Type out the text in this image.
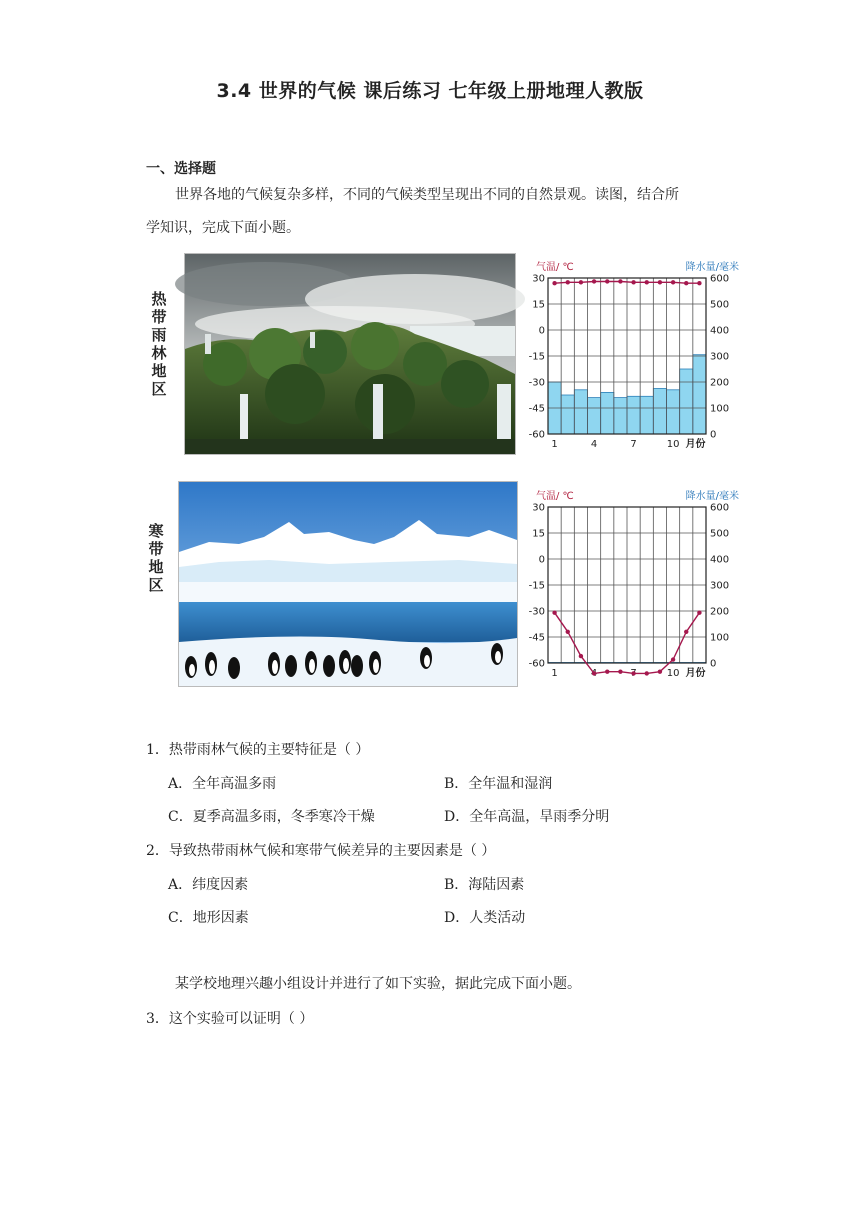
3.4 世界的气候 课后练习 七年级上册地理人教版
一、选择题
世界各地的气候复杂多样，不同的气候类型呈现出不同的自然景观。读图，结合所
学知识，完成下面小题。
热
带
雨
林
地
区
寒
带
地
区
气温/ ℃	降水量/毫米
30
15
0
-15
-30
-45
-60
600
500
400
300
200
100
0
1	4	7	10 月份
气温/ ℃	降水量/毫米
30
15
0
-15
-30
-45
-60
600
500
400
300
200
100
0
1	10 月份
1．热带雨林气候的主要特征是（ ）
A．全年高温多雨	B．全年温和湿润
C．夏季高温多雨，冬季寒冷干燥	D．全年高温，旱雨季分明
2．导致热带雨林气候和寒带气候差异的主要因素是（ ）
A．纬度因素	B．海陆因素
C．地形因素	D．人类活动
某学校地理兴趣小组设计并进行了如下实验，据此完成下面小题。
3．这个实验可以证明（ ）
